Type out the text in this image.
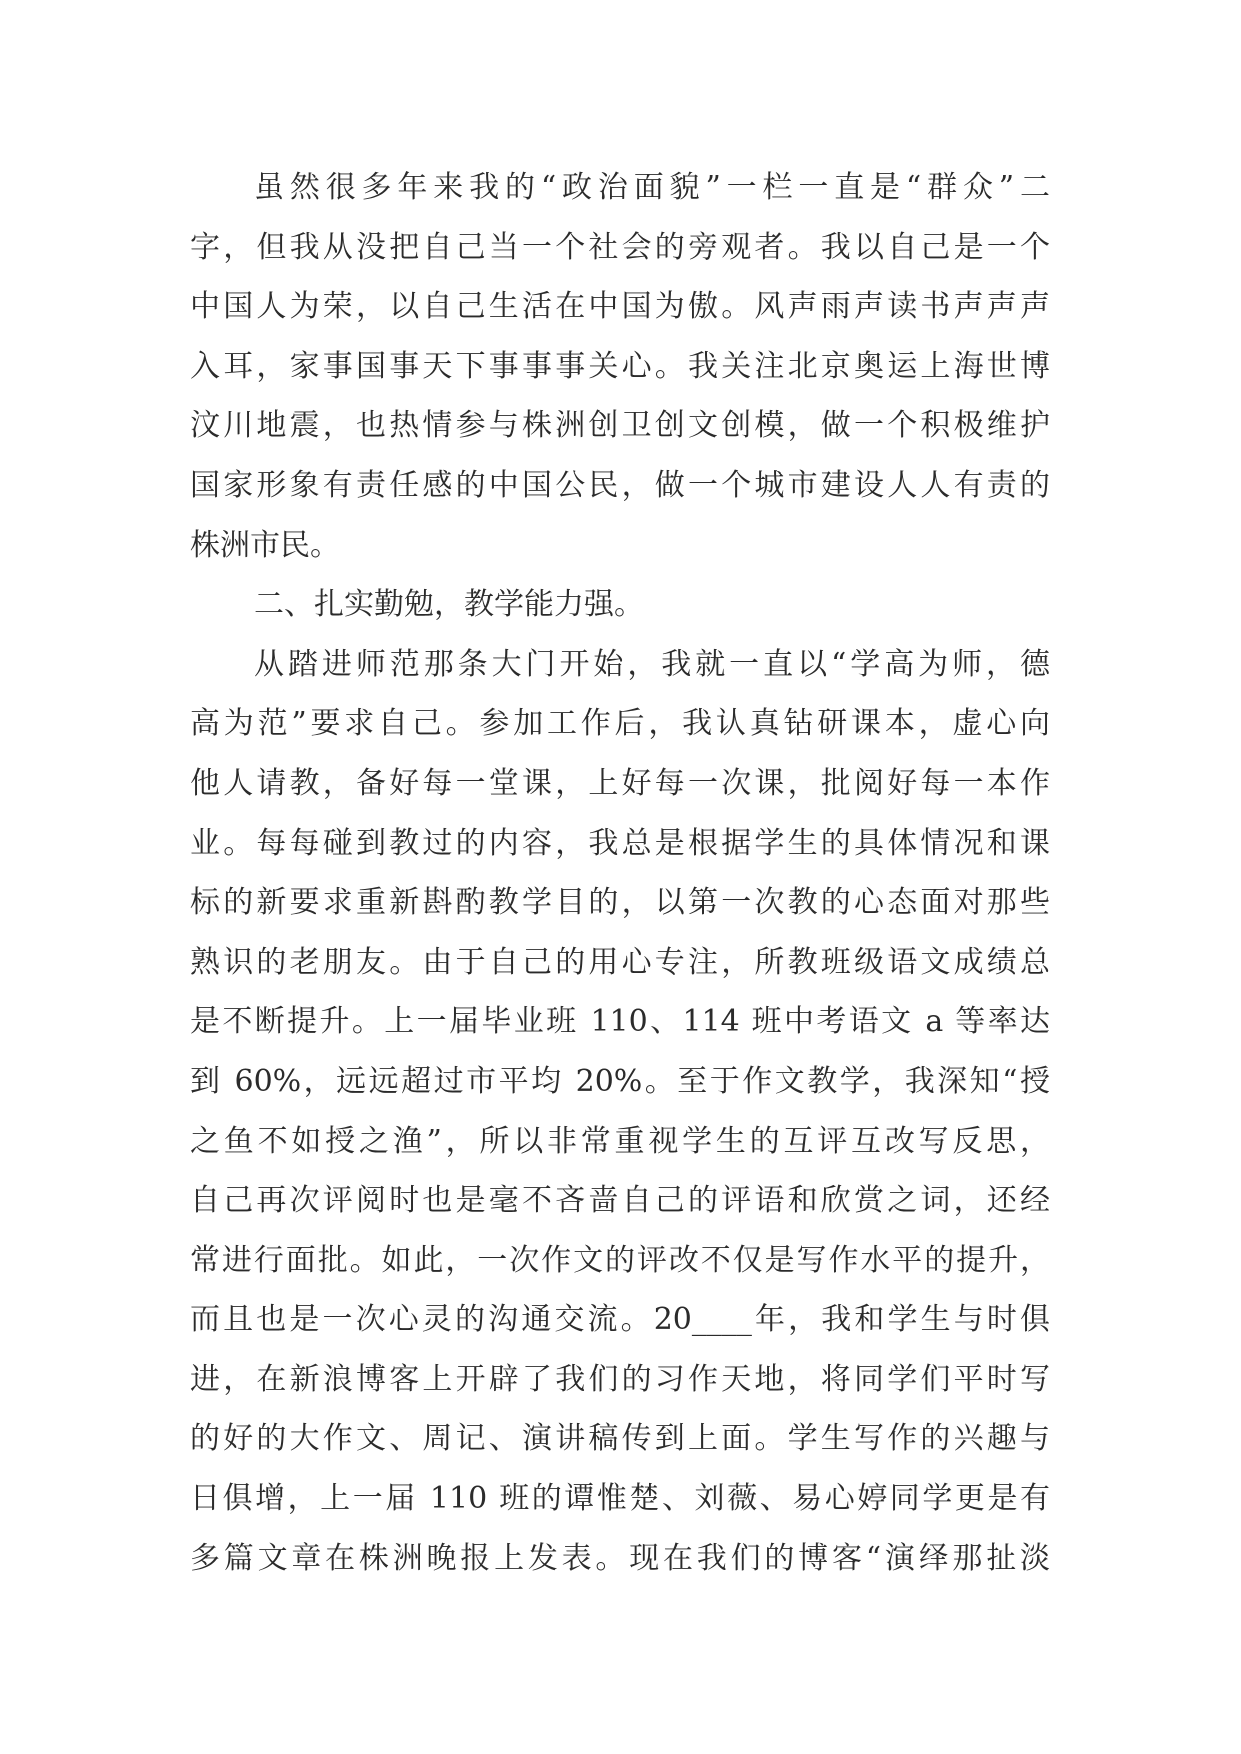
虽然很多年来我的“政治面貌”一栏一直是“群众”二
字，但我从没把自己当一个社会的旁观者。我以自己是一个
中国人为荣，以自己生活在中国为傲。风声雨声读书声声声
入耳，家事国事天下事事事关心。我关注北京奥运上海世博
汶川地震，也热情参与株洲创卫创文创模，做一个积极维护
国家形象有责任感的中国公民，做一个城市建设人人有责的
株洲市民。
二、扎实勤勉，教学能力强。
从踏进师范那条大门开始，我就一直以“学高为师，德
高为范”要求自己。参加工作后，我认真钻研课本，虚心向
他人请教，备好每一堂课，上好每一次课，批阅好每一本作
业。每每碰到教过的内容，我总是根据学生的具体情况和课
标的新要求重新斟酌教学目的，以第一次教的心态面对那些
熟识的老朋友。由于自己的用心专注，所教班级语文成绩总
是不断提升。上一届毕业班 110、114 班中考语文 a 等率达
到 60%，远远超过市平均 20%。至于作文教学，我深知“授
之鱼不如授之渔”，所以非常重视学生的互评互改写反思，
自己再次评阅时也是毫不吝啬自己的评语和欣赏之词，还经
常进行面批。如此，一次作文的评改不仅是写作水平的提升，
而且也是一次心灵的沟通交流。20____年，我和学生与时俱
进，在新浪博客上开辟了我们的习作天地，将同学们平时写
的好的大作文、周记、演讲稿传到上面。学生写作的兴趣与
日俱增，上一届 110 班的谭惟楚、刘薇、易心婷同学更是有
多篇文章在株洲晚报上发表。现在我们的博客“演绎那扯淡
